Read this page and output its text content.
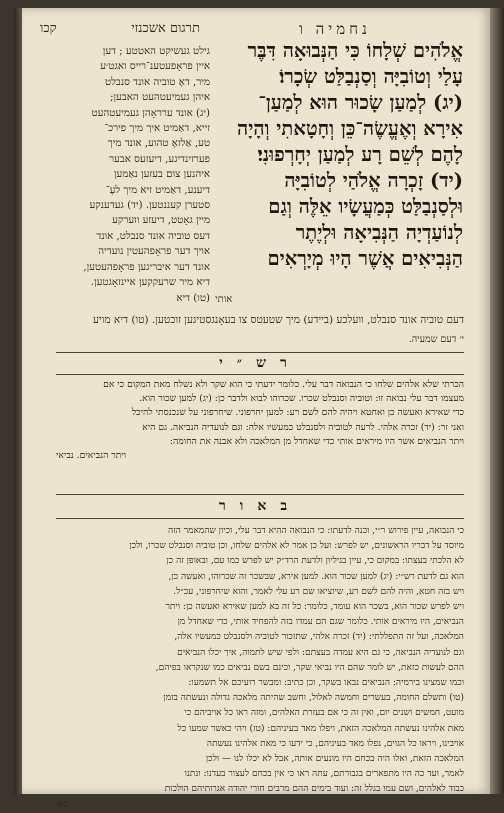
קכו	תרגום אשכנזי	נחמיה ו
אֱלֹהִים שְׁלָחוֹ כִּי הַנְּבוּאָה דִּבֶּר
עָלַי וְטוֹבִיָּה וְסַנְבַלַּט שְׂכָרוֹ׃
(יג) לְמַעַן שָׂכוּר הוּא לְמַעַן־
אִירָא וְאֶעֱשֶׂה־כֵּן וְחָטָאתִי וְהָיָה
לָהֶם לְשֵׁם רָע לְמַעַן יְחָרְפוּנִי׃
(יד) זָכְרָה אֱלֹהַי לְטוֹבִיָּה
וּלְסַנְבַלַּט כְּמַעֲשָׂיו אֵלֶּה וְגַם
לְנוֹעַדְיָה הַנְּבִיאָה וּלְיֶתֶר
הַנְּבִיאִים אֲשֶׁר הָיוּ מְיָרְאִים
אותי
גילט געשיקט האטטע ; דען
איין פראָפעטענ־רייס ואגט׳ע
מיר, דאָ טוביה אונד סנבלט
איהן געמיעטהעט האבען;
(יג) אונד ערראָהן געמיעטהעט
זייא, דאַמיט איך מיך פירכ־
טע, אַלזאָ טהוע, אונד מיך
פערזינדיגע, דיעזעס אבער
איהנען צום בעזען נאַמען
דיענע, דאַמיט זיא מיך לעֶ־
סטערן קעננטען. (יד) געדענקע
מיין גאָטט, דיעזע ווערקע
דעס טוביה אונד סנבלט, אונד
אויך דער פראָפהעטין נועדיה
אונד דער איבריגען פראָפהעטען,
דיא מיר שרעקקען איינזאָגטען.
(טו) דיא
דעם טוביה אונד סנבלט, וועלכע (ביידע) מיך שטעטס צו בעאָנגסטיגען זוכטען. (טו) דיא מויע
י׳ דעם שמעיה.
רש״י
הכרתי שלא אלהים שלחו כי הנבואה דבר עלי. כלומר ידעתי כי הוא שקר ולא נשלח מאת המקום כי אם
מעצמו דבר עלי נבואה זו: וטוביה וסנבלט שכרו. שכרוהו לבוא ולדבר כן: (יג) למען שכור הוא.
כדי שאירא ואעשה כן ואחטא ויהיה להם לשם רע: למען יחרפוני. שיחרפוני על שנכנסתי להיכל
ואני זר: (יד) זכרה אלהי. לרעה לטוביה ולסנבלט כמעשיו אלה: וגם לנועדיה הנביאה. גם היא
ויתר הנביאים אשר היו מיראים אותי כדי שאחדל מן המלאכה ולא אבנה את החומה:
ויתר הנביאים. נביאי
באור
כי הנבואה, עיין פירוש ר״י, וכנה לדעתו: כי הנבואה ההיא דבר עלי, וכיון שהמאמר הזה
מיוסד על דבריו הראשונים, יש לפרש: ועל כן אמר לא אלהים שלחו, וכן טוביה וסנבלט שכרו, ולכן
לא הלכתי בעצתו: במקום כי, עיין בגיליון ולדעת הרד״ק יש לפרש כמו עם, ובאופן זה כן
הוא גם לדעת רש״י: (יג) למען שכור הוא. למען אירא, שבשכר זה שכרוהו, ואעשה כן,
ויש בזה חטא, והיה להם לשם רע, שיוציאו שם רע עלי לאמר, והוא שיחרפוני, עכ״ל.
ויש לפרש שכור הוא, בשכר הוא עומד, כלומר: כל זה בא למען שאירא ואעשה כן: ויתר
הנביאים, היו מיראים אותי. כלומר שגם הם עמדו בזה להפחיד אותי, כדי שאחדל מן
המלאכה, ועל זה התפללתי: (יד) זכרה אלהי, שתזכור לטוביה ולסנבלט כמעשיו אלה,
וגם לנועדיה הנביאה, כי גם היא עמדה בעצתם: ולפי שיש לתמוה, איך יכלו הנביאים
ההם לעשות כזאת, יש לומר שהם היו נביאי שקר, וכינם בשם נביאים כמו שנקראו בפיהם,
וכמו שמצינו בירמיה: הנביאים נבאו בשקר, וכן כתיב: ומבשר רועיכם אל תשמעו:
(טו) ותשלם החומה, בעשרים וחמשה לאלול, וחשב שהיתה מלאכה גדולה ונעשתה בזמן
מועט, חמשים ושנים יום, ואין זה כי אם בעזרת האלהים, ומזה ראו כל אויביהם כי
מאת אלהינו נעשתה המלאכה הזאת, ויפלו מאד בעיניהם: (טז) ויהי כאשר שמעו כל
אויבינו, ויראו כל הגוים, נפלו מאד בעיניהם, כי ידעו כי מאת אלהינו נעשתה
המלאכה הזאת, ואלו היה בכחם היו מונעים אותה, אבל לא יכלו לנו — ולכן
לאמר, ועד כה היו מתפארים בגבורתם, עתה ראו כי אין בכחם לעצור בעדנו: ונתנו
כבוד לאלהים, ושם עמו בגלל זה: ועוד בימים ההם מרבים חורי יהודה אגרותיהם הולכות
כאו
